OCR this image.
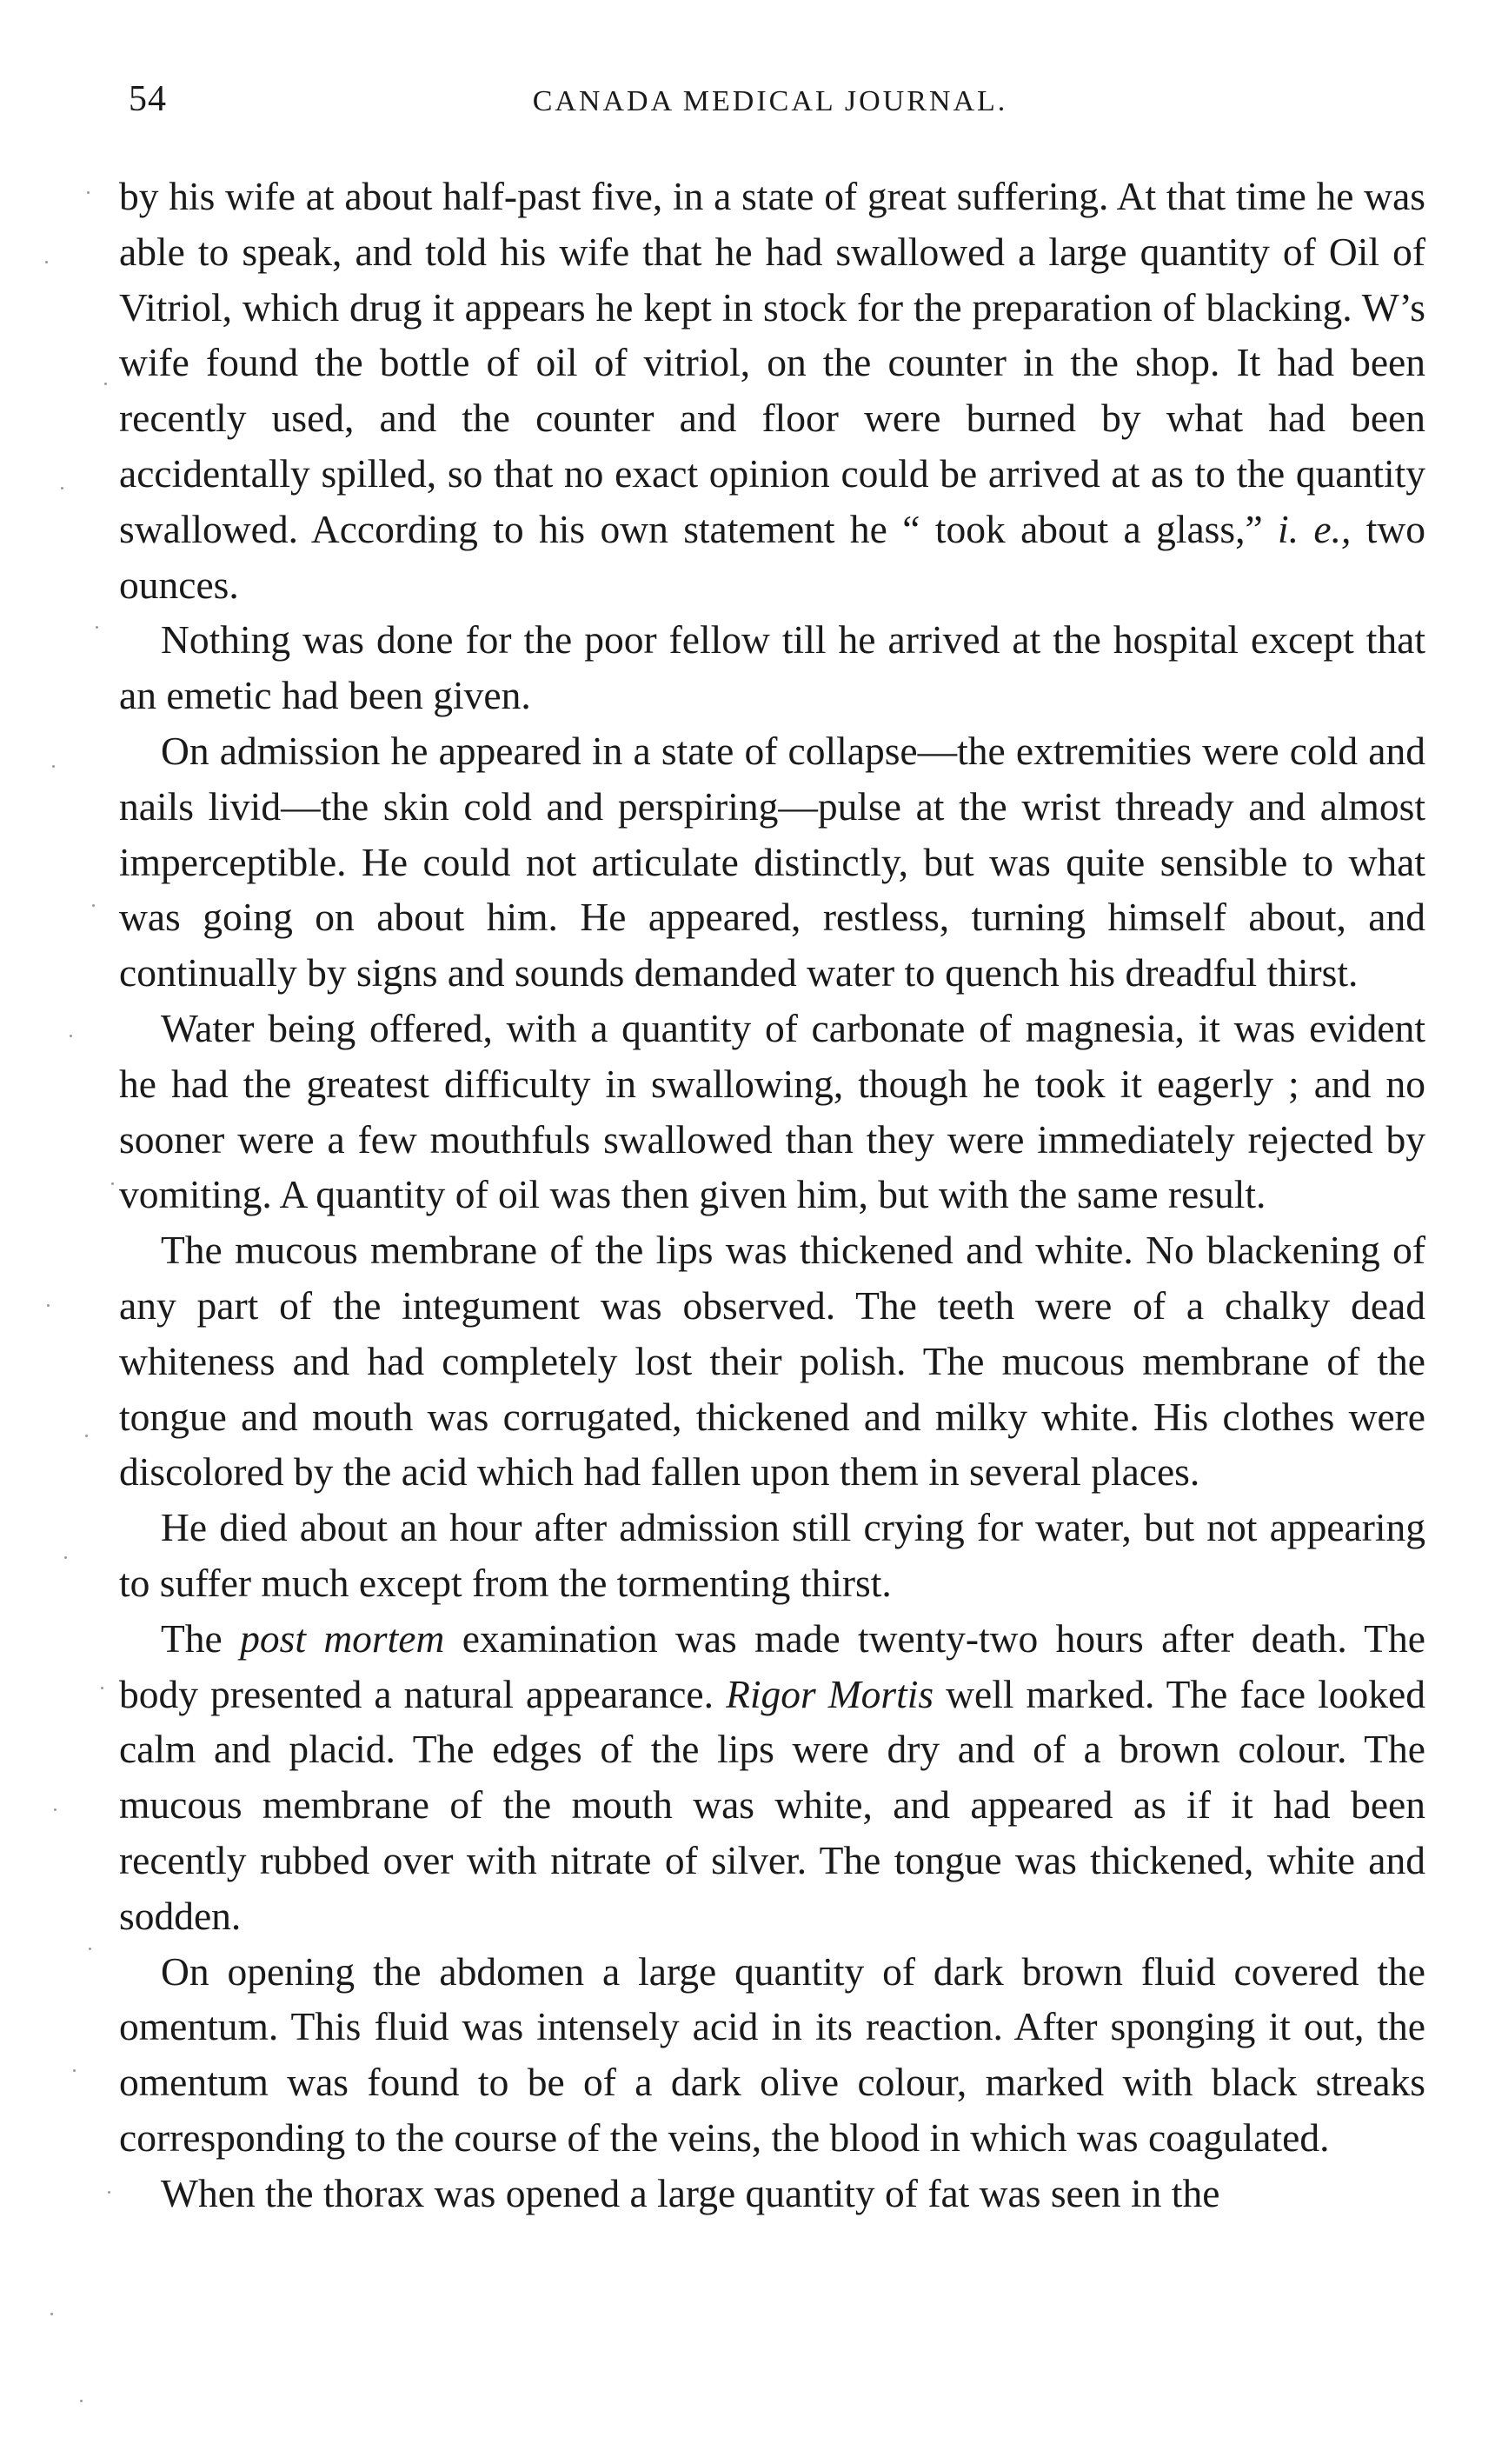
54	CANADA MEDICAL JOURNAL.

by his wife at about half-past five, in a state of great suffering. At that time he was able to speak, and told his wife that he had swallowed a large quantity of Oil of Vitriol, which drug it appears he kept in stock for the preparation of blacking. W’s wife found the bottle of oil of vitriol, on the counter in the shop. It had been recently used, and the counter and floor were burned by what had been accidentally spilled, so that no exact opinion could be arrived at as to the quantity swallowed. According to his own statement he “ took about a glass,” i. e., two ounces.

Nothing was done for the poor fellow till he arrived at the hospital except that an emetic had been given.

On admission he appeared in a state of collapse—the extremities were cold and nails livid—the skin cold and perspiring—pulse at the wrist thready and almost imperceptible. He could not articulate distinctly, but was quite sensible to what was going on about him. He appeared, restless, turning himself about, and continually by signs and sounds demanded water to quench his dreadful thirst.

Water being offered, with a quantity of carbonate of magnesia, it was evident he had the greatest difficulty in swallowing, though he took it eagerly ; and no sooner were a few mouthfuls swallowed than they were immediately rejected by vomiting. A quantity of oil was then given him, but with the same result.

The mucous membrane of the lips was thickened and white. No blackening of any part of the integument was observed. The teeth were of a chalky dead whiteness and had completely lost their polish. The mucous membrane of the tongue and mouth was corrugated, thickened and milky white. His clothes were discolored by the acid which had fallen upon them in several places.

He died about an hour after admission still crying for water, but not appearing to suffer much except from the tormenting thirst.

The post mortem examination was made twenty-two hours after death. The body presented a natural appearance. Rigor Mortis well marked. The face looked calm and placid. The edges of the lips were dry and of a brown colour. The mucous membrane of the mouth was white, and appeared as if it had been recently rubbed over with nitrate of silver. The tongue was thickened, white and sodden.

On opening the abdomen a large quantity of dark brown fluid covered the omentum. This fluid was intensely acid in its reaction. After sponging it out, the omentum was found to be of a dark olive colour, marked with black streaks corresponding to the course of the veins, the blood in which was coagulated.

When the thorax was opened a large quantity of fat was seen in the
